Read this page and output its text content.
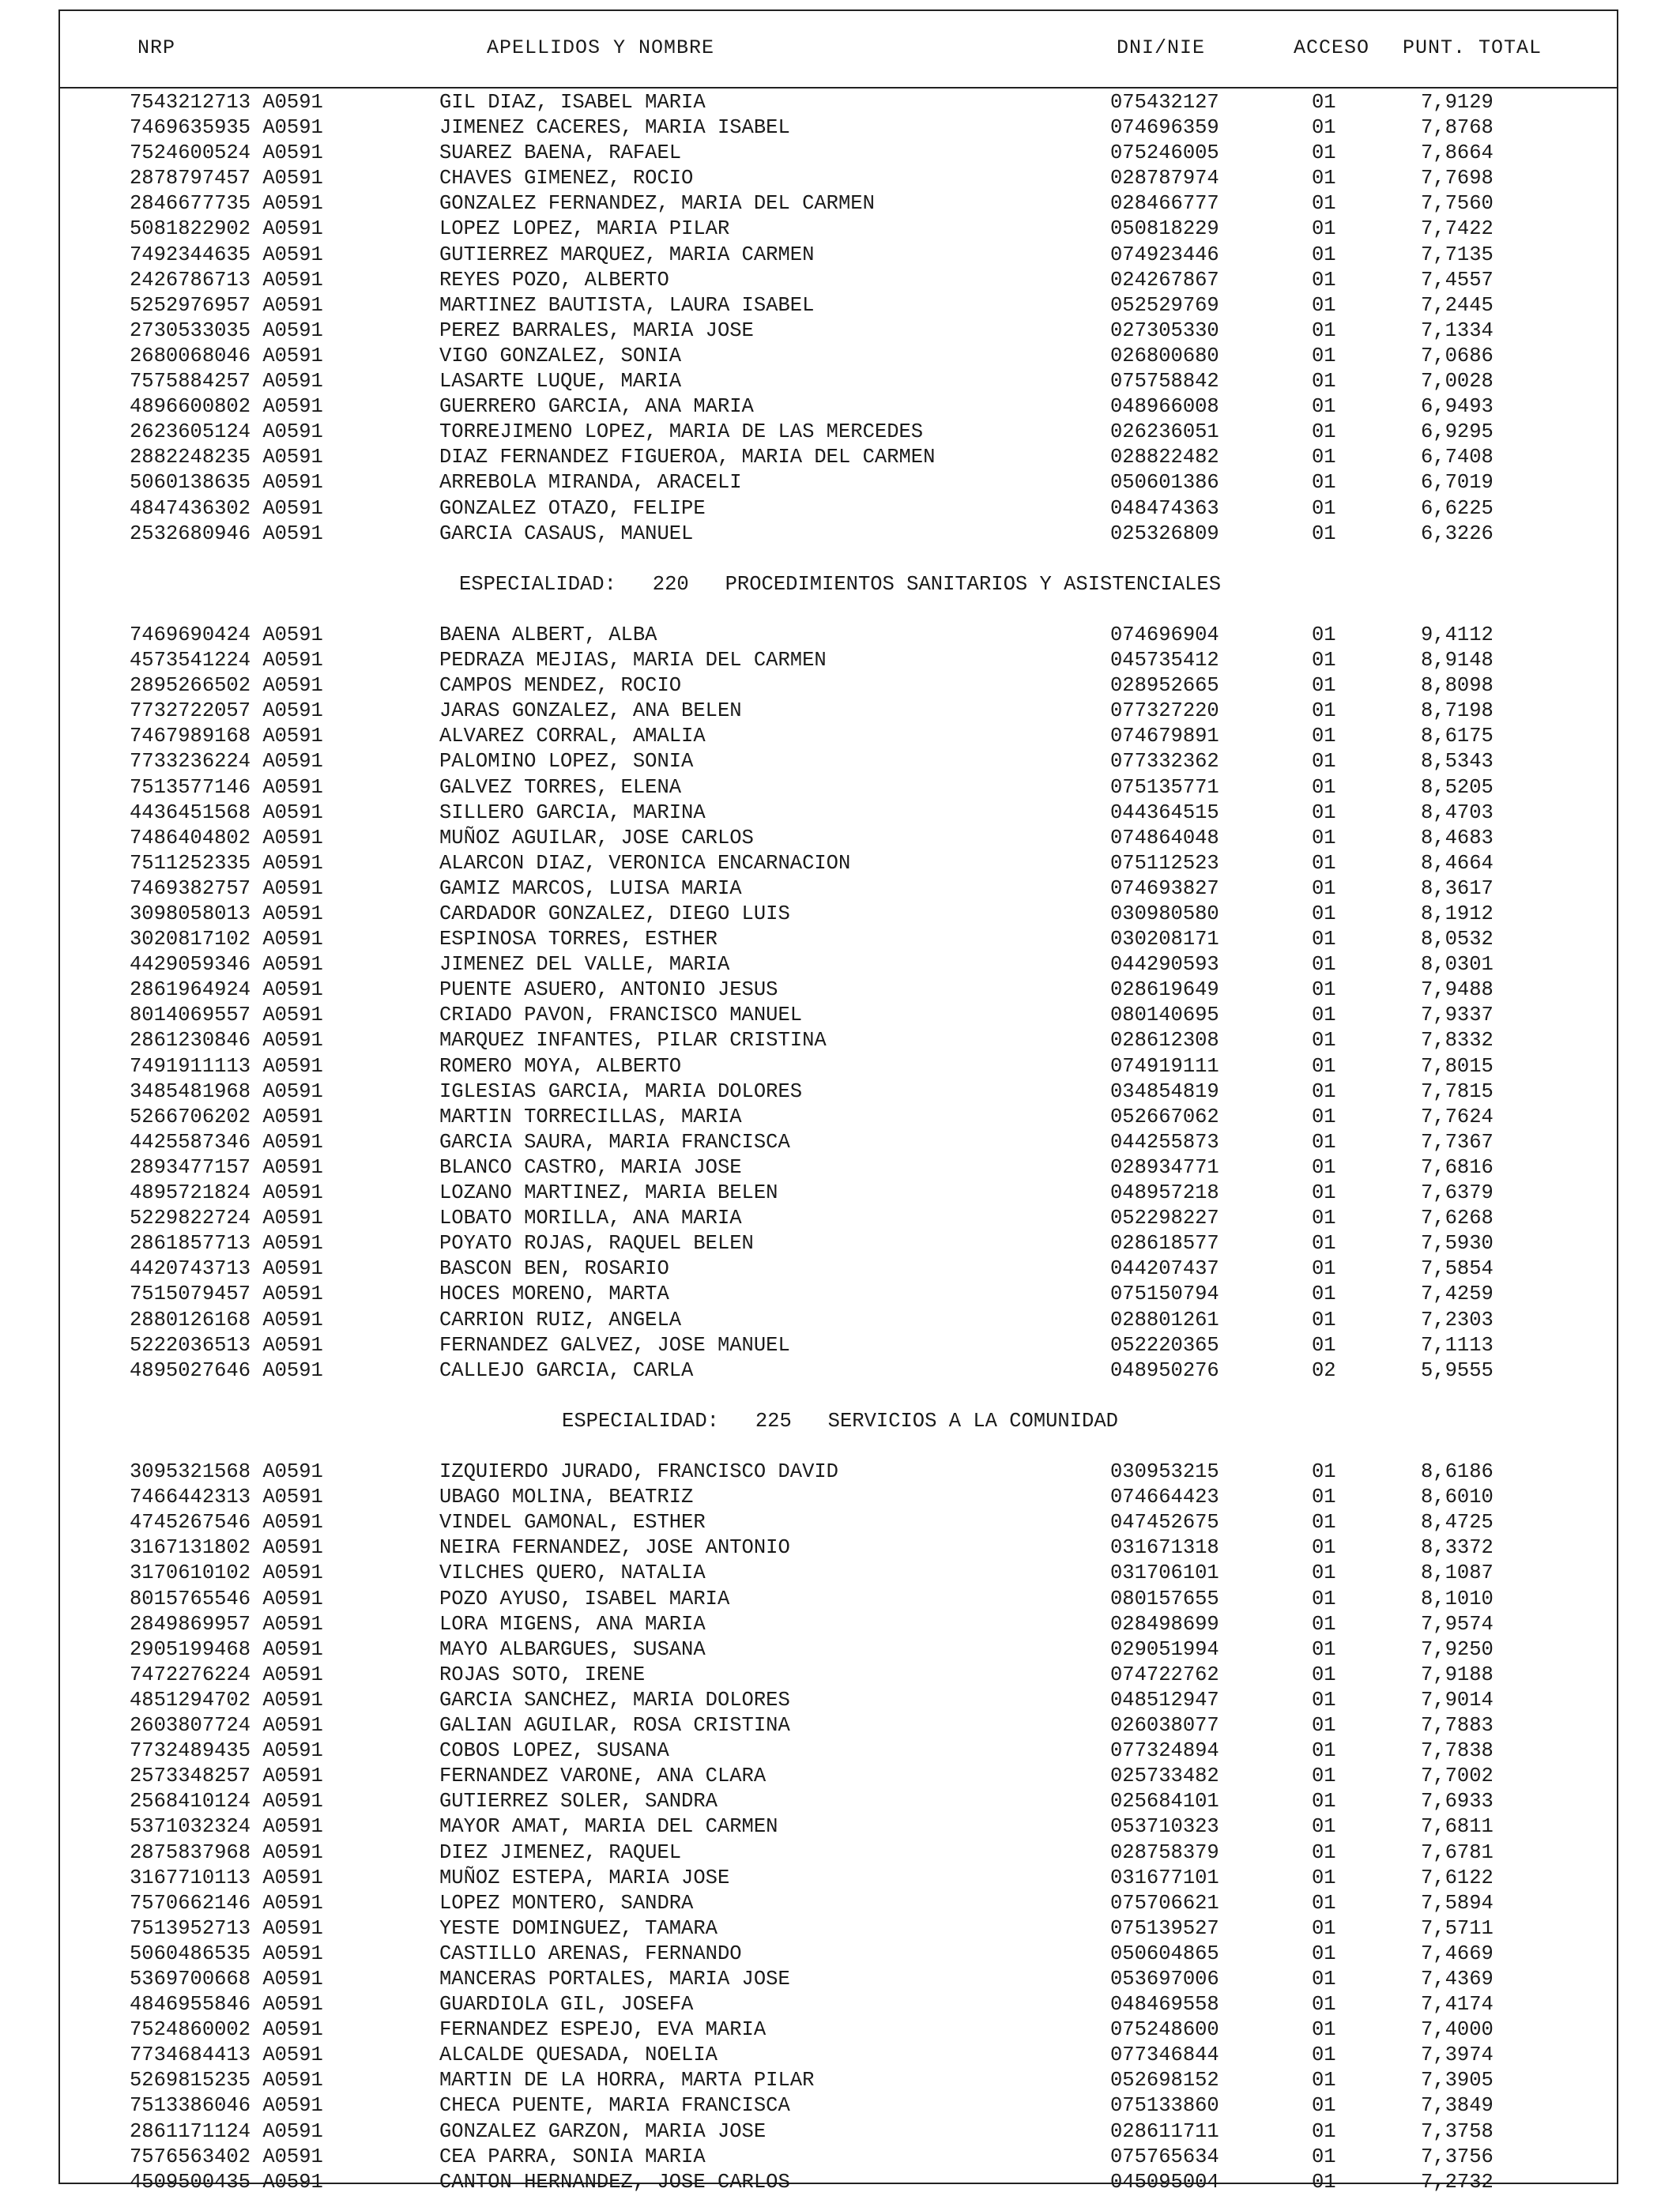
NRP	APELLIDOS Y NOMBRE	DNI/NIE	ACCESO PUNT. TOTAL
7543212713 A0591	GIL DIAZ, ISABEL MARIA	075432127	01	7,9129
7469635935 A0591	JIMENEZ CACERES, MARIA ISABEL	074696359	01	7,8768
7524600524 A0591	SUAREZ BAENA, RAFAEL	075246005	01	7,8664
2878797457 A0591	CHAVES GIMENEZ, ROCIO	028787974	01	7,7698
2846677735 A0591	GONZALEZ FERNANDEZ, MARIA DEL CARMEN	028466777	01	7,7560
5081822902 A0591	LOPEZ LOPEZ, MARIA PILAR	050818229	01	7,7422
7492344635 A0591	GUTIERREZ MARQUEZ, MARIA CARMEN	074923446	01	7,7135
2426786713 A0591	REYES POZO, ALBERTO	024267867	01	7,4557
5252976957 A0591	MARTINEZ BAUTISTA, LAURA ISABEL	052529769	01	7,2445
2730533035 A0591	PEREZ BARRALES, MARIA JOSE	027305330	01	7,1334
2680068046 A0591	VIGO GONZALEZ, SONIA	026800680	01	7,0686
7575884257 A0591	LASARTE LUQUE, MARIA	075758842	01	7,0028
4896600802 A0591	GUERRERO GARCIA, ANA MARIA	048966008	01	6,9493
2623605124 A0591	TORREJIMENO LOPEZ, MARIA DE LAS MERCEDES	026236051	01	6,9295
2882248235 A0591	DIAZ FERNANDEZ FIGUEROA, MARIA DEL CARMEN	028822482	01	6,7408
5060138635 A0591	ARREBOLA MIRANDA, ARACELI	050601386	01	6,7019
4847436302 A0591	GONZALEZ OTAZO, FELIPE	048474363	01	6,6225
2532680946 A0591	GARCIA CASAUS, MANUEL	025326809	01	6,3226
ESPECIALIDAD:   220   PROCEDIMIENTOS SANITARIOS Y ASISTENCIALES
7469690424 A0591	BAENA ALBERT, ALBA	074696904	01	9,4112
4573541224 A0591	PEDRAZA MEJIAS, MARIA DEL CARMEN	045735412	01	8,9148
2895266502 A0591	CAMPOS MENDEZ, ROCIO	028952665	01	8,8098
7732722057 A0591	JARAS GONZALEZ, ANA BELEN	077327220	01	8,7198
7467989168 A0591	ALVAREZ CORRAL, AMALIA	074679891	01	8,6175
7733236224 A0591	PALOMINO LOPEZ, SONIA	077332362	01	8,5343
7513577146 A0591	GALVEZ TORRES, ELENA	075135771	01	8,5205
4436451568 A0591	SILLERO GARCIA, MARINA	044364515	01	8,4703
7486404802 A0591	MUÑOZ AGUILAR, JOSE CARLOS	074864048	01	8,4683
7511252335 A0591	ALARCON DIAZ, VERONICA ENCARNACION	075112523	01	8,4664
7469382757 A0591	GAMIZ MARCOS, LUISA MARIA	074693827	01	8,3617
3098058013 A0591	CARDADOR GONZALEZ, DIEGO LUIS	030980580	01	8,1912
3020817102 A0591	ESPINOSA TORRES, ESTHER	030208171	01	8,0532
4429059346 A0591	JIMENEZ DEL VALLE, MARIA	044290593	01	8,0301
2861964924 A0591	PUENTE ASUERO, ANTONIO JESUS	028619649	01	7,9488
8014069557 A0591	CRIADO PAVON, FRANCISCO MANUEL	080140695	01	7,9337
2861230846 A0591	MARQUEZ INFANTES, PILAR CRISTINA	028612308	01	7,8332
7491911113 A0591	ROMERO MOYA, ALBERTO	074919111	01	7,8015
3485481968 A0591	IGLESIAS GARCIA, MARIA DOLORES	034854819	01	7,7815
5266706202 A0591	MARTIN TORRECILLAS, MARIA	052667062	01	7,7624
4425587346 A0591	GARCIA SAURA, MARIA FRANCISCA	044255873	01	7,7367
2893477157 A0591	BLANCO CASTRO, MARIA JOSE	028934771	01	7,6816
4895721824 A0591	LOZANO MARTINEZ, MARIA BELEN	048957218	01	7,6379
5229822724 A0591	LOBATO MORILLA, ANA MARIA	052298227	01	7,6268
2861857713 A0591	POYATO ROJAS, RAQUEL BELEN	028618577	01	7,5930
4420743713 A0591	BASCON BEN, ROSARIO	044207437	01	7,5854
7515079457 A0591	HOCES MORENO, MARTA	075150794	01	7,4259
2880126168 A0591	CARRION RUIZ, ANGELA	028801261	01	7,2303
5222036513 A0591	FERNANDEZ GALVEZ, JOSE MANUEL	052220365	01	7,1113
4895027646 A0591	CALLEJO GARCIA, CARLA	048950276	02	5,9555
ESPECIALIDAD:   225   SERVICIOS A LA COMUNIDAD
3095321568 A0591	IZQUIERDO JURADO, FRANCISCO DAVID	030953215	01	8,6186
7466442313 A0591	UBAGO MOLINA, BEATRIZ	074664423	01	8,6010
4745267546 A0591	VINDEL GAMONAL, ESTHER	047452675	01	8,4725
3167131802 A0591	NEIRA FERNANDEZ, JOSE ANTONIO	031671318	01	8,3372
3170610102 A0591	VILCHES QUERO, NATALIA	031706101	01	8,1087
8015765546 A0591	POZO AYUSO, ISABEL MARIA	080157655	01	8,1010
2849869957 A0591	LORA MIGENS, ANA MARIA	028498699	01	7,9574
2905199468 A0591	MAYO ALBARGUES, SUSANA	029051994	01	7,9250
7472276224 A0591	ROJAS SOTO, IRENE	074722762	01	7,9188
4851294702 A0591	GARCIA SANCHEZ, MARIA DOLORES	048512947	01	7,9014
2603807724 A0591	GALIAN AGUILAR, ROSA CRISTINA	026038077	01	7,7883
7732489435 A0591	COBOS LOPEZ, SUSANA	077324894	01	7,7838
2573348257 A0591	FERNANDEZ VARONE, ANA CLARA	025733482	01	7,7002
2568410124 A0591	GUTIERREZ SOLER, SANDRA	025684101	01	7,6933
5371032324 A0591	MAYOR AMAT, MARIA DEL CARMEN	053710323	01	7,6811
2875837968 A0591	DIEZ JIMENEZ, RAQUEL	028758379	01	7,6781
3167710113 A0591	MUÑOZ ESTEPA, MARIA JOSE	031677101	01	7,6122
7570662146 A0591	LOPEZ MONTERO, SANDRA	075706621	01	7,5894
7513952713 A0591	YESTE DOMINGUEZ, TAMARA	075139527	01	7,5711
5060486535 A0591	CASTILLO ARENAS, FERNANDO	050604865	01	7,4669
5369700668 A0591	MANCERAS PORTALES, MARIA JOSE	053697006	01	7,4369
4846955846 A0591	GUARDIOLA GIL, JOSEFA	048469558	01	7,4174
7524860002 A0591	FERNANDEZ ESPEJO, EVA MARIA	075248600	01	7,4000
7734684413 A0591	ALCALDE QUESADA, NOELIA	077346844	01	7,3974
5269815235 A0591	MARTIN DE LA HORRA, MARTA PILAR	052698152	01	7,3905
7513386046 A0591	CHECA PUENTE, MARIA FRANCISCA	075133860	01	7,3849
2861171124 A0591	GONZALEZ GARZON, MARIA JOSE	028611711	01	7,3758
7576563402 A0591	CEA PARRA, SONIA MARIA	075765634	01	7,3756
4509500435 A0591	CANTON HERNANDEZ, JOSE CARLOS	045095004	01	7,2732
